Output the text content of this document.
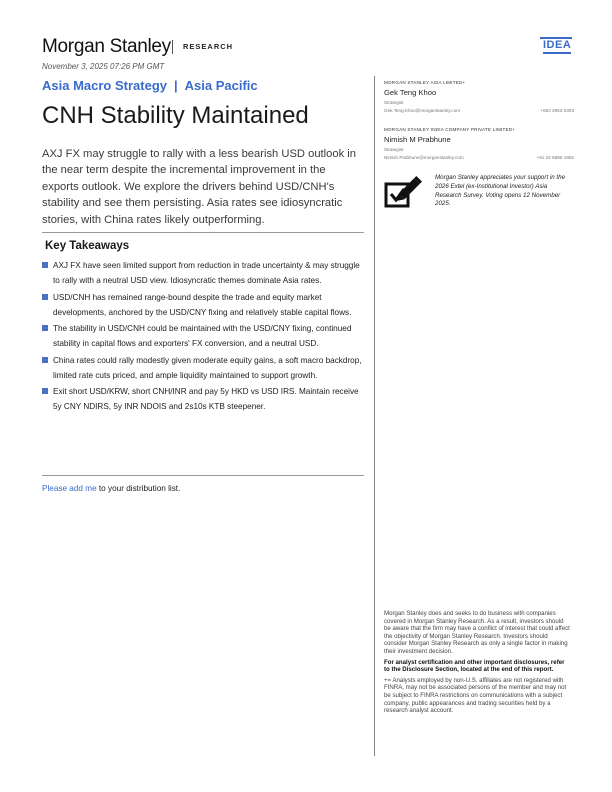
Morgan Stanley RESEARCH	IDEA
November 3, 2025 07:26 PM GMT
Asia Macro Strategy | Asia Pacific
CNH Stability Maintained
AXJ FX may struggle to rally with a less bearish USD outlook in the near term despite the incremental improvement in the exports outlook. We explore the drivers behind USD/CNH's stability and see them persisting. Asia rates see idiosyncratic stories, with China rates likely outperforming.
Key Takeaways
AXJ FX have seen limited support from reduction in trade uncertainty & may struggle to rally with a neutral USD view. Idiosyncratic themes dominate Asia rates.
USD/CNH has remained range-bound despite the trade and equity market developments, anchored by the USD/CNY fixing and relatively stable capital flows.
The stability in USD/CNH could be maintained with the USD/CNY fixing, continued stability in capital flows and exporters' FX conversion, and a neutral USD.
China rates could rally modestly given moderate equity gains, a soft macro backdrop, limited rate cuts priced, and ample liquidity maintained to support growth.
Exit short USD/KRW, short CNH/INR and pay 5y HKD vs USD IRS. Maintain receive 5y CNY NDIRS, 5y INR NDOIS and 2s10s KTB steepener.
Please add me to your distribution list.
MORGAN STANLEY ASIA LIMITED+
Gek Teng Khoo
Strategist
Gek.Teng.Khoo@morganstanley.com	+852 3963-0303
MORGAN STANLEY INDIA COMPANY PRIVATE LIMITED+
Nimish M Prabhune
Strategist
Nimish.Prabhune@morganstanley.com	+91 22 6896-1862
Morgan Stanley appreciates your support in the 2026 Extel (ex-Institutional Investor) Asia Research Survey. Voting opens 12 November 2025.

Morgan Stanley does and seeks to do business with companies covered in Morgan Stanley Research. As a result, investors should be aware that the firm may have a conflict of interest that could affect the objectivity of Morgan Stanley Research. Investors should consider Morgan Stanley Research as only a single factor in making their investment decision.

For analyst certification and other important disclosures, refer to the Disclosure Section, located at the end of this report.

+= Analysts employed by non-U.S. affiliates are not registered with FINRA, may not be associated persons of the member and may not be subject to FINRA restrictions on communications with a subject company, public appearances and trading securities held by a research analyst account.
